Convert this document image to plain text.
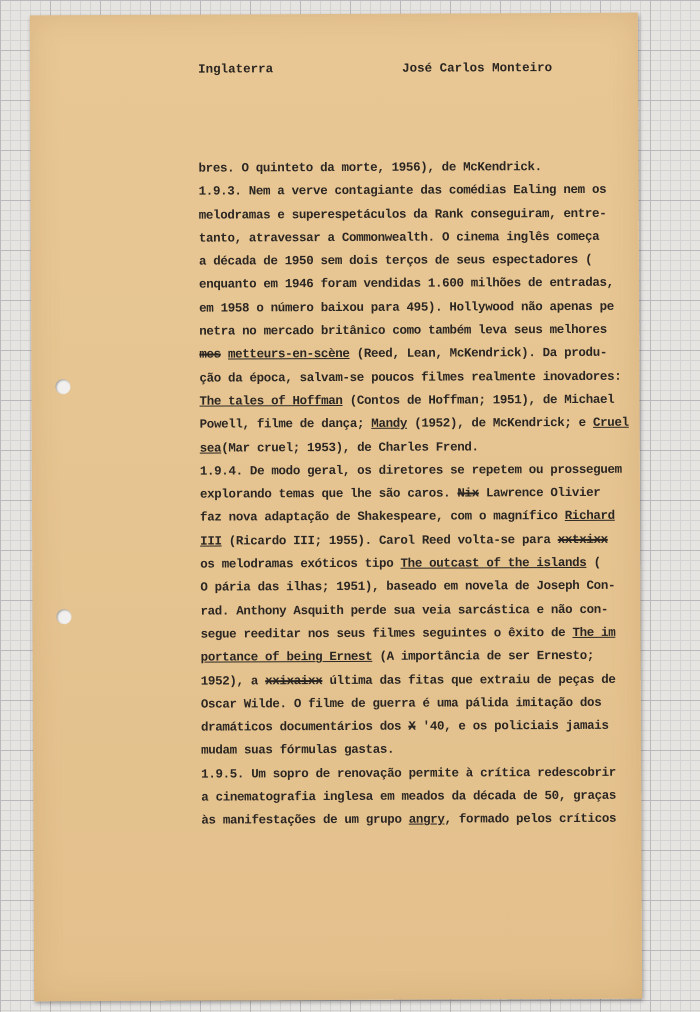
Inglaterra	José Carlos Monteiro
bres. O quinteto da morte, 1956), de McKendrick.
1.9.3. Nem a verve contagiante das comédias Ealing nem os
melodramas e superespetáculos da Rank conseguiram, entre-
tanto, atravessar a Commonwealth. O cinema inglês começa
a década de 1950 sem dois terços de seus espectadores (
enquanto em 1946 foram vendidas 1.600 milhões de entradas,
em 1958 o número baixou para 495). Hollywood não apenas pe
netra no mercado britânico como também leva seus melhores
mes metteurs-en-scène (Reed, Lean, McKendrick). Da produ-
ção da época, salvam-se poucos filmes realmente inovadores:
The tales of Hoffman (Contos de Hoffman; 1951), de Michael
Powell, filme de dança; Mandy (1952), de McKendrick; e Cruel
sea(Mar cruel; 1953), de Charles Frend.
1.9.4. De modo geral, os diretores se repetem ou prosseguem
explorando temas que lhe são caros. Nix Lawrence Olivier
faz nova adaptação de Shakespeare, com o magnífico Richard
III (Ricardo III; 1955). Carol Reed volta-se para xxtxixx
os melodramas exóticos tipo The outcast of the islands (
O pária das ilhas; 1951), baseado em novela de Joseph Con-
rad. Anthony Asquith perde sua veia sarcástica e não con-
segue reeditar nos seus filmes seguintes o êxito de The im
portance of being Ernest (A importância de ser Ernesto;
1952), a xxixaixx última das fitas que extraiu de peças de
Oscar Wilde. O filme de guerra é uma pálida imitação dos
dramáticos documentários dos X '40, e os policiais jamais
mudam suas fórmulas gastas.
1.9.5. Um sopro de renovação permite à crítica redescobrir
a cinematografia inglesa em meados da década de 50, graças
às manifestações de um grupo angry, formado pelos críticos
